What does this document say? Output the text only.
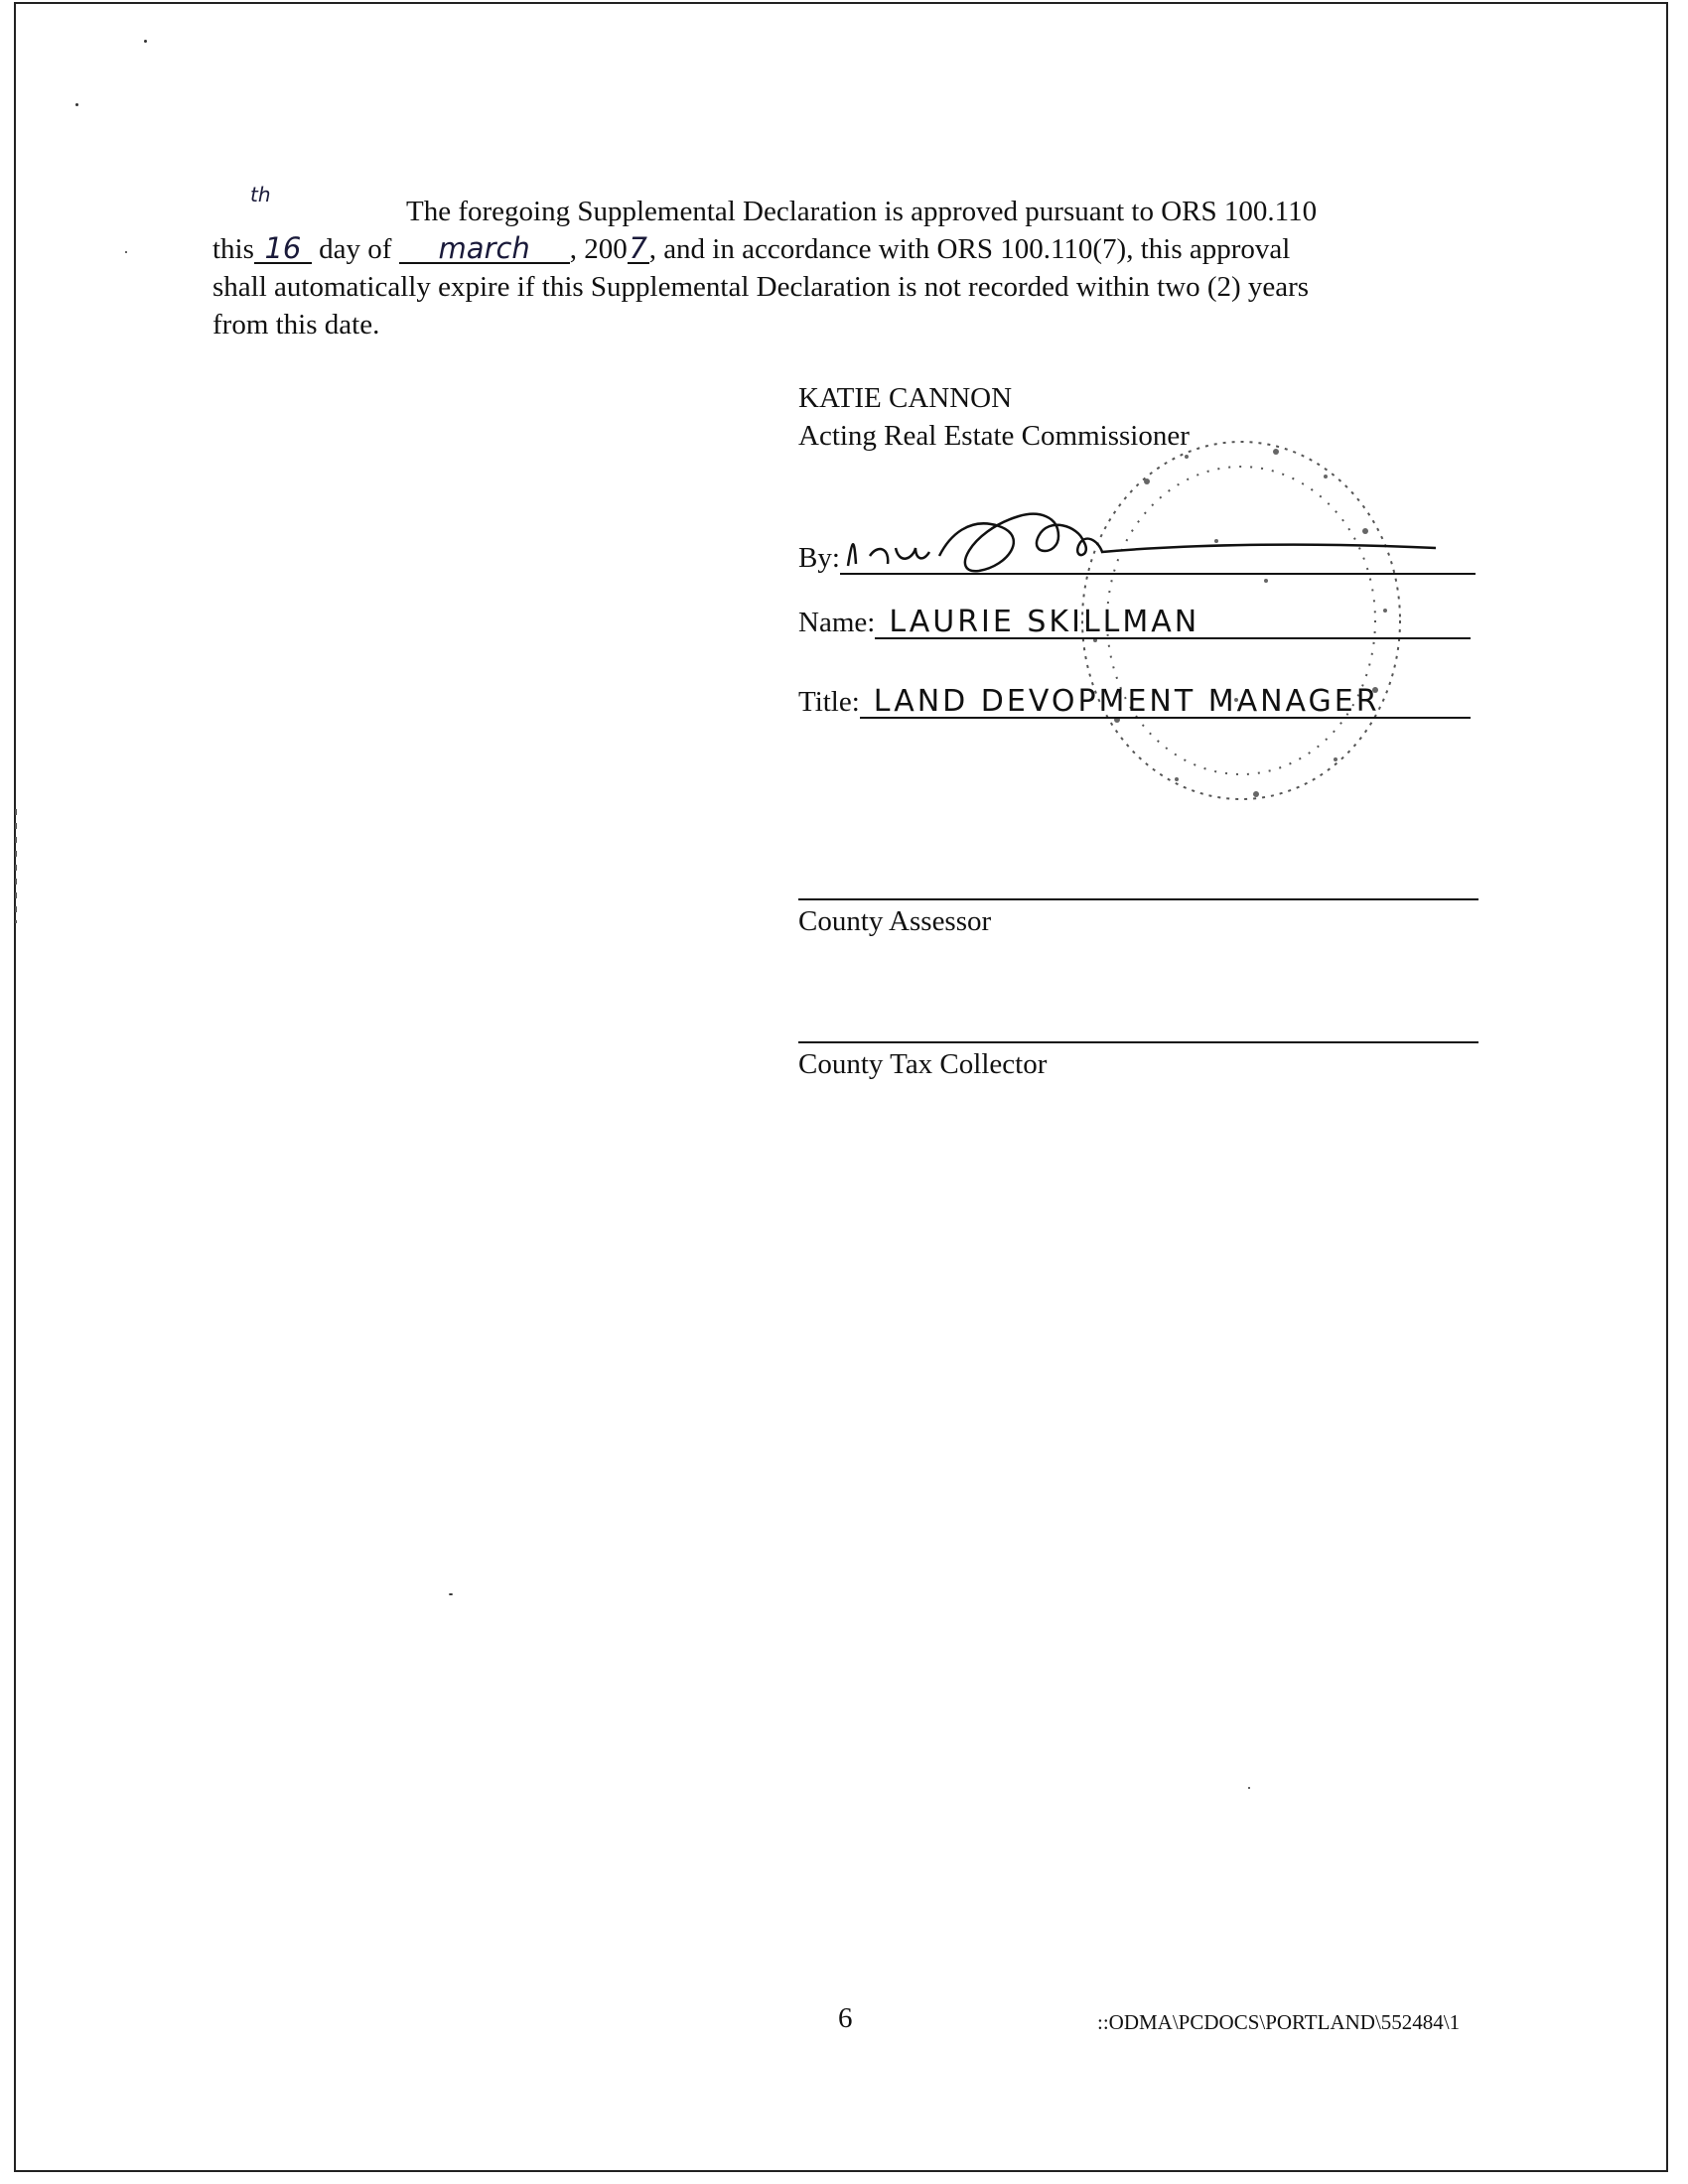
th

The foregoing Supplemental Declaration is approved pursuant to ORS 100.110

this 16 day of march , 2007, and in accordance with ORS 100.110(7), this approval

shall automatically expire if this Supplemental Declaration is not recorded within two (2) years

from this date.

KATIE CANNON
Acting Real Estate Commissioner
By:
Name: LAURIE SKILLMAN
Title: LAND DEVOPMENT MANAGER
County Assessor
County Tax Collector
6	::ODMA\PCDOCS\PORTLAND\552484\1
